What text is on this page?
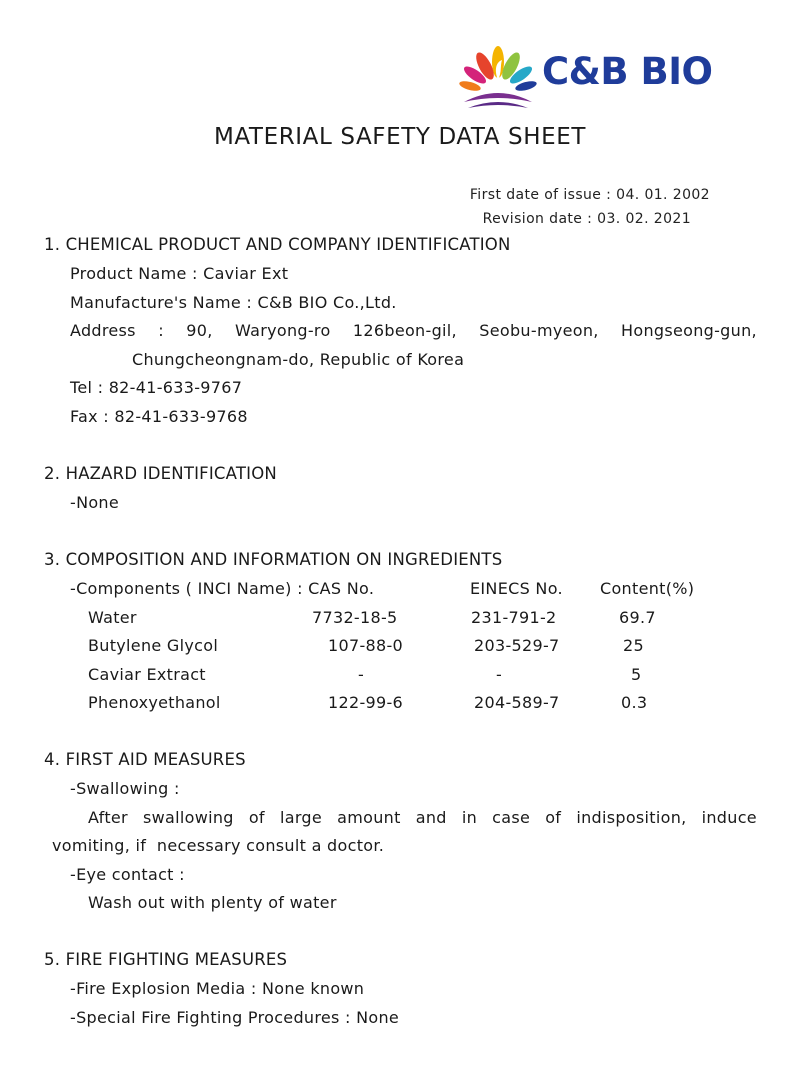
C&B BIO
MATERIAL SAFETY DATA SHEET
First date of issue : 04. 01. 2002
Revision date : 03. 02. 2021
1. CHEMICAL PRODUCT AND COMPANY IDENTIFICATION
Product Name : Caviar Ext
Manufacture's Name : C&B BIO Co.,Ltd.
Address : 90, Waryong-ro 126beon-gil, Seobu-myeon, Hongseong-gun,
Chungcheongnam-do, Republic of Korea
Tel : 82-41-633-9767
Fax : 82-41-633-9768
2. HAZARD IDENTIFICATION
-None
3. COMPOSITION AND INFORMATION ON INGREDIENTS
-Components ( INCI Name) : CAS No.	EINECS No. Content(%)
Water	7732-18-5	231-791-2	69.7
Butylene Glycol	107-88-0	203-529-7	25
Caviar Extract	-	-	5
Phenoxyethanol	122-99-6	204-589-7	0.3
4. FIRST AID MEASURES
-Swallowing :
After swallowing of large amount and in case of indisposition, induce
vomiting, if  necessary consult a doctor.
-Eye contact :
Wash out with plenty of water
5. FIRE FIGHTING MEASURES
-Fire Explosion Media : None known
-Special Fire Fighting Procedures : None
